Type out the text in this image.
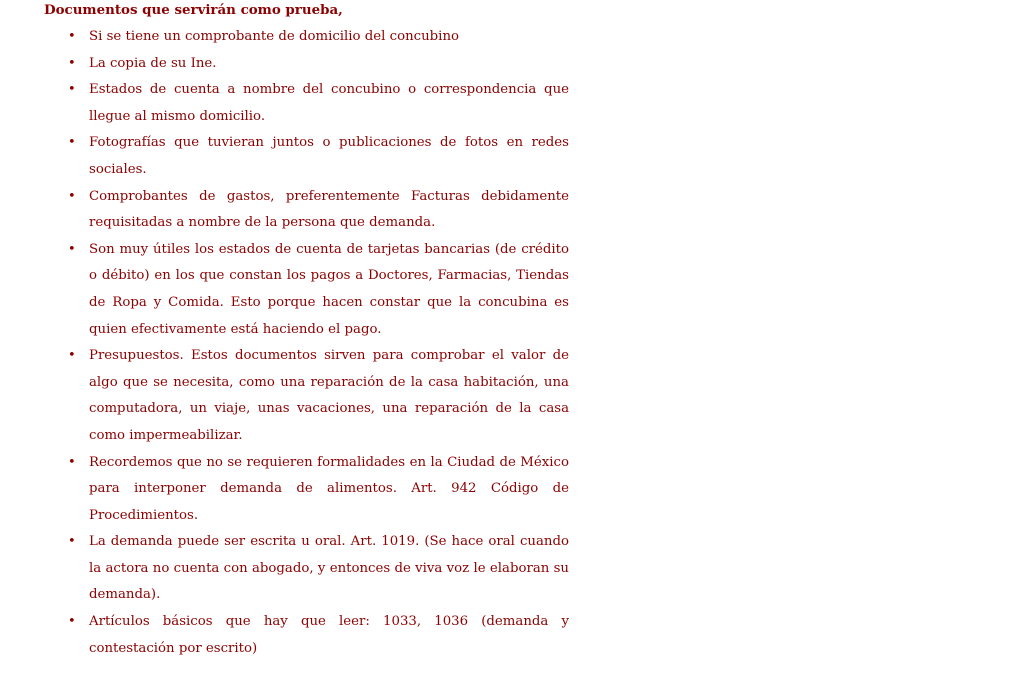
Documentos que servirán como prueba,
• Si se tiene un comprobante de domicilio del concubino
• La copia de su Ine.
• Estados de cuenta a nombre del concubino o correspondencia que llegue al mismo domicilio.
• Fotografías que tuvieran juntos o publicaciones de fotos en redes sociales.
• Comprobantes de gastos, preferentemente Facturas debidamente requisitadas a nombre de la persona que demanda.
• Son muy útiles los estados de cuenta de tarjetas bancarias (de crédito o débito) en los que constan los pagos a Doctores, Farmacias, Tiendas de Ropa y Comida. Esto porque hacen constar que la concubina es quien efectivamente está haciendo el pago.
• Presupuestos. Estos documentos sirven para comprobar el valor de algo que se necesita, como una reparación de la casa habitación, una computadora, un viaje, unas vacaciones, una reparación de la casa como impermeabilizar.
• Recordemos que no se requieren formalidades en la Ciudad de México para interponer demanda de alimentos. Art. 942 Código de Procedimientos.
• La demanda puede ser escrita u oral. Art. 1019. (Se hace oral cuando la actora no cuenta con abogado, y entonces de viva voz le elaboran su demanda).
• Artículos básicos que hay que leer: 1033, 1036 (demanda y contestación por escrito)
